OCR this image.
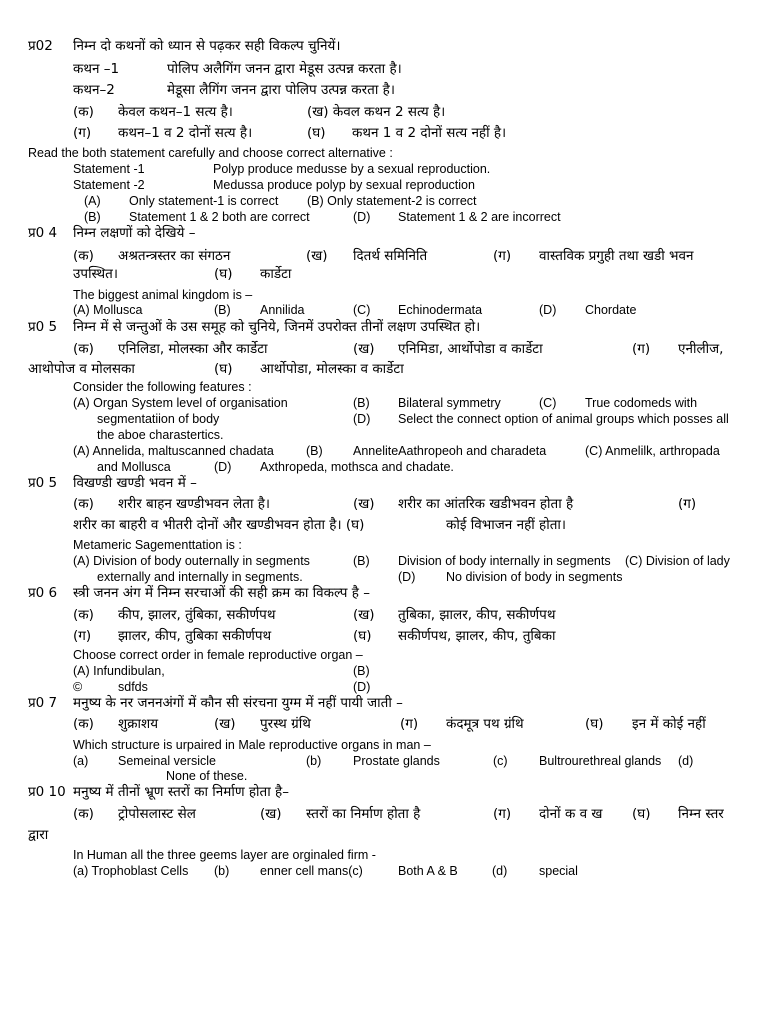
प्र02 निम्न दो कथनों को ध्यान से पढ़कर सही विकल्प चुनियें।
कथन –1	पोलिप अलैगिंग जनन द्वारा मेडूस उत्पन्न करता है।
कथन–2	मेडूसा लैगिंग जनन द्वारा पोलिप उत्पन्न करता है।
(क) केवल कथन–1 सत्य है।	(ख) केवल कथन 2 सत्य है।
(ग) कथन–1 व 2 दोनों सत्य है।	(घ) कथन 1 व 2 दोनों सत्य नहीं है।
Read the both statement carefully and choose correct alternative :
Statement -1	Polyp produce medusse by a sexual reproduction.
Statement -2	Medussa produce polyp by sexual reproduction
(A) Only statement-1 is correct (B) Only statement-2 is correct
(B) Statement 1 & 2 both are correct	(D) Statement 1 & 2 are incorrect
प्र0 4 निम्न लक्षणों को देखिये –
(क) अश्रतन्त्रस्तर का संगठन	(ख) दितर्थ समिनिति	(ग) वास्तविक प्रगुही तथा खडी भवन
उपस्थित।	(घ) कार्डेटा
The biggest animal kingdom is –
(A) Mollusca	(B) Annilida	(C) Echinodermata	(D) Chordate
प्र0 5 निम्न में से जन्तुओं के उस समूह को चुनिये, जिनमें उपरोक्त तीनों लक्षण उपस्थित हो।
(क) एनिलिडा, मोलस्का और कार्डेटा	(ख) एनिमिडा, आर्थोपोडा व कार्डेटा	(ग) एनीलीज,
आथोपोज व मोलसका	(घ) आर्थोपोडा, मोलस्का व कार्डेटा
Consider the following features :
(A) Organ System level of organisation	(B) Bilateral symmetry	(C) True codomeds with
segmentatiion of body	(D) Select the connect option of animal groups which posses all
the aboe charastertics.
(A) Annelida, maltuscanned chadata	(B) AnneliteAathropeoh and charadeta	(C) Anmelilk, arthropada
and Mollusca	(D) Axthropeda, mothsca and chadate.
प्र0 5 विखण्डी खण्डी भवन में –
(क) शरीर बाहन खण्डीभवन लेता है।	(ख) शरीर का आंतरिक खडीभवन होता है	(ग)
शरीर का बाहरी व भीतरी दोनों और खण्डीभवन होता है। (घ)	कोई विभाजन नहीं होता।
Metameric Sagementtation is :
(A) Division of body outernally in segments	(B) Division of body internally in segments (C) Division of lady
externally and internally in segments.	(D) No division of body in segments
प्र0 6 स्त्री जनन अंग में निम्न सरचाओं की सही क्रम का विकल्प है –
(क) कीप, झालर, तुंबिका, सकीर्णपथ	(ख) तुबिका, झालर, कीप, सकीर्णपथ
(ग) झालर, कीप, तुबिका सकीर्णपथ	(घ) सकीर्णपथ, झालर, कीप, तुबिका
Choose correct order in female reproductive organ –
(A) Infundibulan,	(B)
©	sdfds	(D)
प्र0 7 मनुष्य के नर जननअंगों में कौन सी संरचना युग्म में नहीं पायी जाती –
(क) शुक्राशय	(ख) पुरस्थ ग्रंथि	(ग) कंदमूत्र पथ ग्रंथि	(घ) इन में कोई नहीं
Which structure is urpaired in Male reproductive organs in man –
(a) Semeinal versicle	(b)	Prostate glands	(c)	Bultrourethreal glands (d)
None of these.
प्र0 10 मनुष्य में तीनों भ्रूण स्तरों का निर्माण होता है–
(क) ट्रोपोसलास्ट सेल	(ख) स्तरों का निर्माण होता है	(ग) दोनों क व ख (घ) निम्न स्तर
द्वारा
In Human all the three geems layer are orginaled firm -
(a) Trophoblast Cells (b) enner cell mans(c)	Both A & B	(d)	special
